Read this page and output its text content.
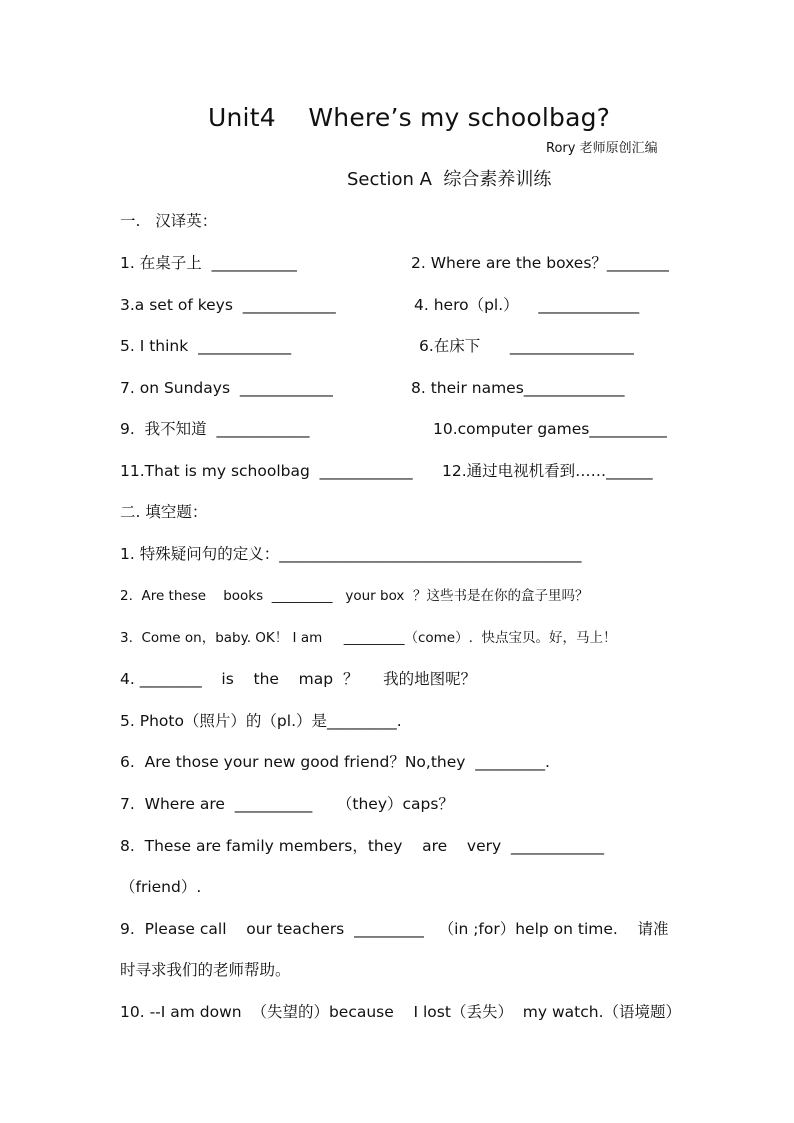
Unit4    Where’s my schoolbag?
Rory 老师原创汇编
Section A  综合素养训练
一.   汉译英：
1. 在桌子上  ___________	2. Where are the boxes？________
3.a set of keys  ____________	4. hero（pl.）    _____________
5. I think  ____________	6.在床下      ________________
7. on Sundays  ____________	8. their names_____________
9.  我不知道  ____________	10.computer games__________
11.That is my schoolbag  ____________ 12.通过电视机看到……______
二. 填空题：
1. 特殊疑问句的定义：_______________________________________
2.  Are these    books  _________   your box  ？这些书是在你的盒子里吗？
3.  Come on，baby. OK！ I am     _________（come）.  快点宝贝。好，马上！
4. ________    is    the    map  ？     我的地图呢？
5. Photo（照片）的（pl.）是_________.
6.  Are those your new good friend？No,they  _________.
7.  Where are  __________     （they）caps？
8.  These are family members，they    are    very  ____________
（friend）.
9.  Please call    our teachers  _________   （in ;for）help on time.    请准
时寻求我们的老师帮助。
10. --I am down  （失望的）because    I lost（丢失）  my watch.（语境题）
